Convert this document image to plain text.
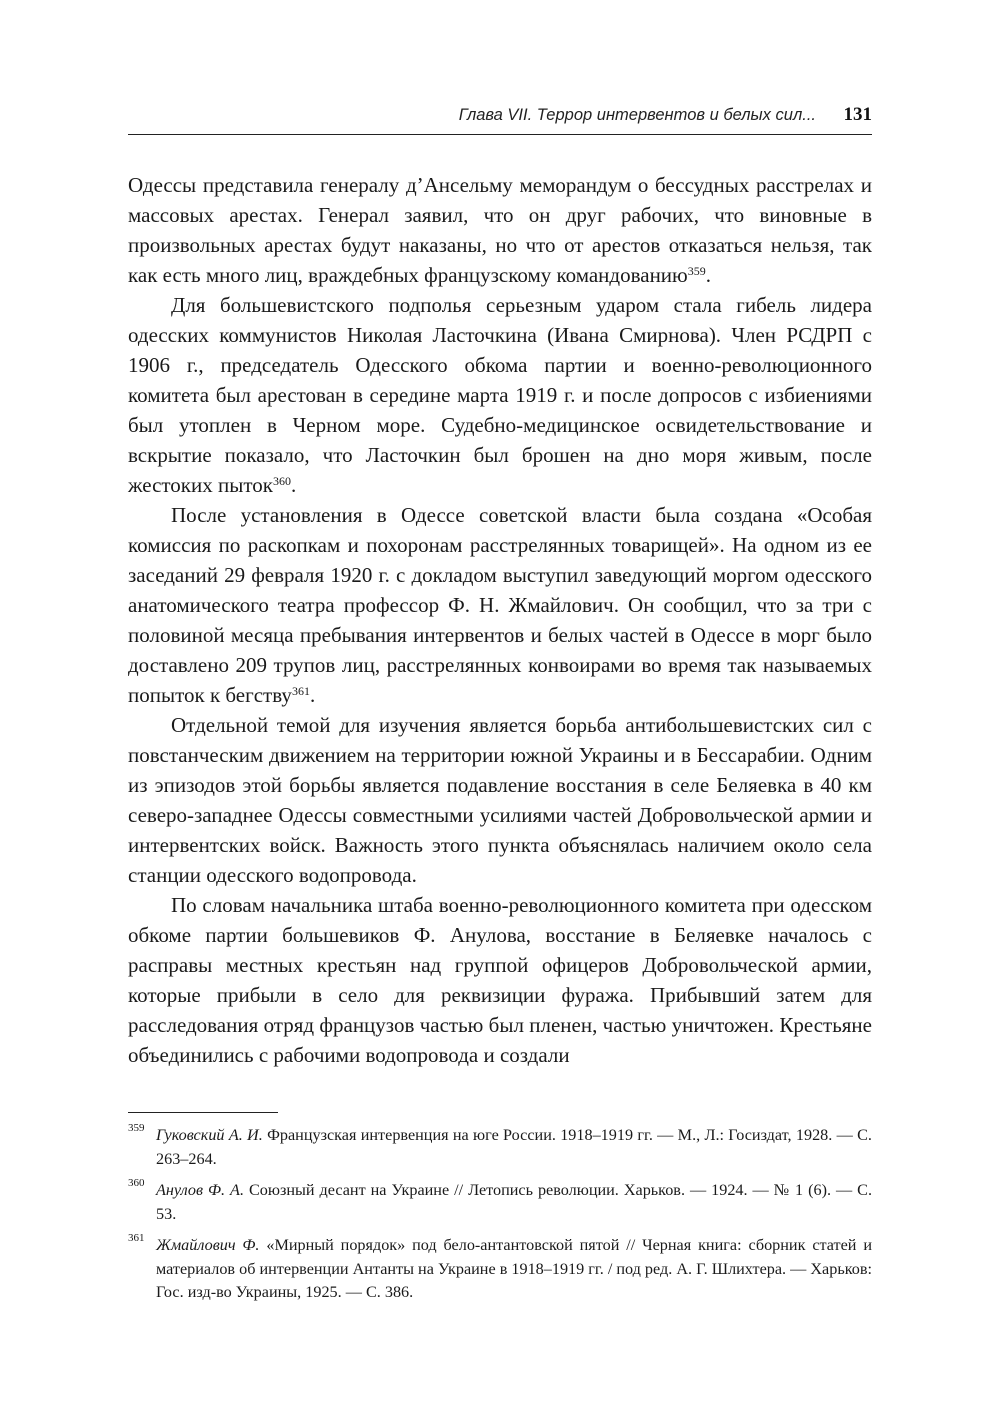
Глава VII. Террор интервентов и белых сил... 131

Одессы представила генералу д’Ансельму меморандум о бессудных расстрелах и массовых арестах. Генерал заявил, что он друг рабочих, что виновные в произвольных арестах будут наказаны, но что от арестов отказаться нельзя, так как есть много лиц, враждебных французскому командованию$^{359}$.

Для большевистского подполья серьезным ударом стала гибель лидера одесских коммунистов Николая Ласточкина (Ивана Смирнова). Член РСДРП с 1906 г., председатель Одесского обкома партии и военно-революционного комитета был арестован в середине марта 1919 г. и после допросов с избиениями был утоплен в Черном море. Судебно-медицинское освидетельствование и вскрытие показало, что Ласточкин был брошен на дно моря живым, после жестоких пыток$^{360}$.

После установления в Одессе советской власти была создана «Особая комиссия по раскопкам и похоронам расстрелянных товарищей». На одном из ее заседаний 29 февраля 1920 г. с докладом выступил заведующий моргом одесского анатомического театра профессор Ф. Н. Жмайлович. Он сообщил, что за три с половиной месяца пребывания интервентов и белых частей в Одессе в морг было доставлено 209 трупов лиц, расстрелянных конвоирами во время так называемых попыток к бегству$^{361}$.

Отдельной темой для изучения является борьба антибольшевистских сил с повстанческим движением на территории южной Украины и в Бессарабии. Одним из эпизодов этой борьбы является подавление восстания в селе Беляевка в 40 км северо-западнее Одессы совместными усилиями частей Добровольческой армии и интервентских войск. Важность этого пункта объяснялась наличием около села станции одесского водопровода.

По словам начальника штаба военно-революционного комитета при одесском обкоме партии большевиков Ф. Анулова, восстание в Беляевке началось с расправы местных крестьян над группой офицеров Добровольческой армии, которые прибыли в село для реквизиции фуража. Прибывший затем для расследования отряд французов частью был пленен, частью уничтожен. Крестьяне объединились с рабочими водопровода и создали

359 Гуковский А. И. Французская интервенция на юге России. 1918–1919 гг. — М., Л.: Госиздат, 1928. — С. 263–264.
360 Анулов Ф. А. Союзный десант на Украине // Летопись революции. Харьков. — 1924. — № 1 (6). — С. 53.
361 Жмайлович Ф. «Мирный порядок» под бело-антантовской пятой // Черная книга: сборник статей и материалов об интервенции Антанты на Украине в 1918–1919 гг. / под ред. А. Г. Шлихтера. — Харьков: Гос. изд-во Украины, 1925. — С. 386.
